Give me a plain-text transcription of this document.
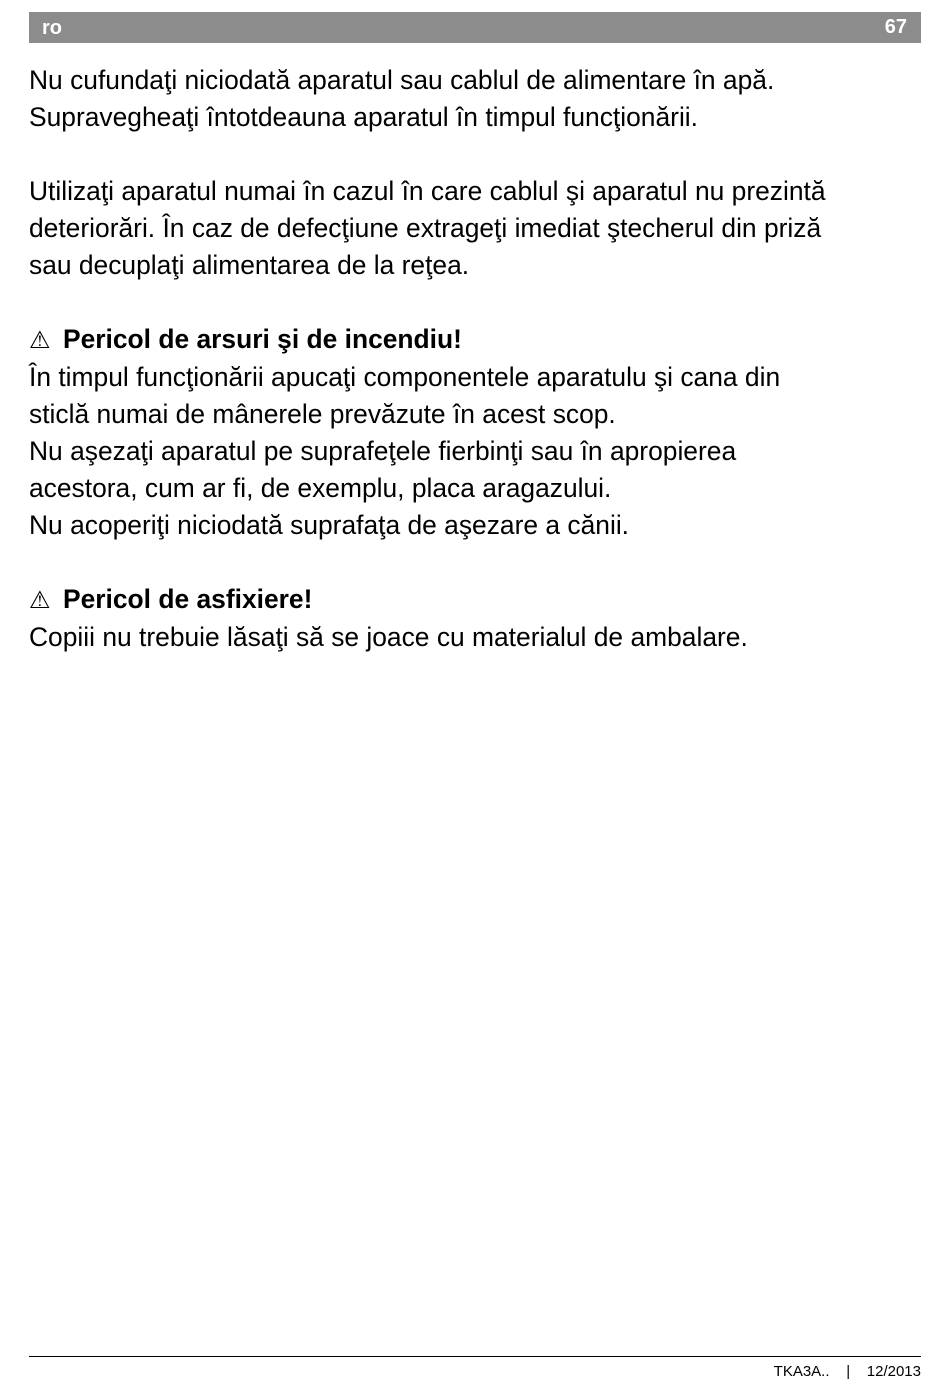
ro	67

Nu cufundaţi niciodată aparatul sau cablul de alimentare în apă.

Supravegheaţi întotdeauna aparatul în timpul funcţionării.

Utilizaţi aparatul numai în cazul în care cablul şi aparatul nu prezintă

deteriorări. În caz de defecţiune extrageţi imediat ştecherul din priză

sau decuplaţi alimentarea de la reţea.

⚠ Pericol de arsuri şi de incendiu!

În timpul funcţionării apucaţi componentele aparatulu şi cana din

sticlă numai de mânerele prevăzute în acest scop.

Nu aşezaţi aparatul pe suprafeţele fierbinţi sau în apropierea

acestora, cum ar fi, de exemplu, placa aragazului.

Nu acoperiţi niciodată suprafaţa de aşezare a cănii.

⚠ Pericol de asfixiere!

Copiii nu trebuie lăsaţi să se joace cu materialul de ambalare.

TKA3A.. | 12/2013
